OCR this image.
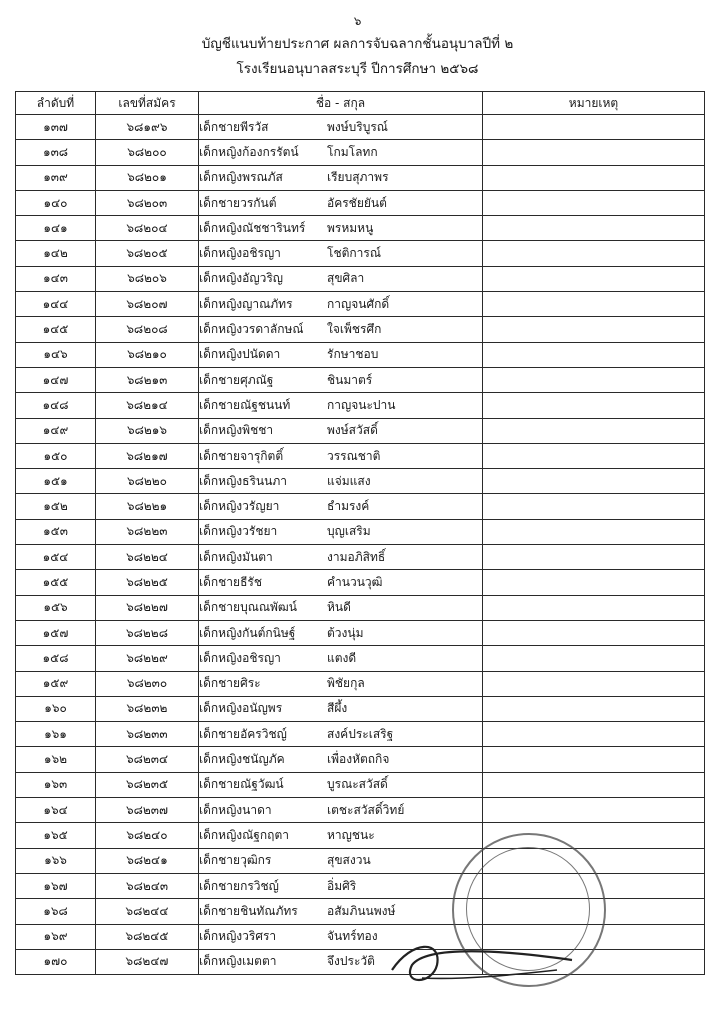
๖
บัญชีแนบท้ายประกาศ ผลการจับฉลากชั้นอนุบาลปีที่ ๒
โรงเรียนอนุบาลสระบุรี ปีการศึกษา ๒๕๖๘
ลำดับที่	เลขที่สมัคร	ชื่อ - สกุล	หมายเหตุ
๑๓๗	๖๘๑๙๖	เด็กชายพีรวัส พงษ์บริบูรณ์	
๑๓๘	๖๘๒๐๐	เด็กหญิงก้องกรรัตน์ โกมโลทก	
๑๓๙	๖๘๒๐๑	เด็กหญิงพรณภัส เรียบสุภาพร	
๑๔๐	๖๘๒๐๓	เด็กชายวรกันต์ อัครชัยยันต์	
๑๔๑	๖๘๒๐๔	เด็กหญิงณัชชารินทร์ พรหมหนู	
๑๔๒	๖๘๒๐๕	เด็กหญิงอชิรญา โชติการณ์	
๑๔๓	๖๘๒๐๖	เด็กหญิงอัญวริญ สุขศิลา	
๑๔๔	๖๘๒๐๗	เด็กหญิงญาณภัทร กาญจนศักดิ์	
๑๔๕	๖๘๒๐๘	เด็กหญิงวรดาลักษณ์ ใจเพ็ชรศึก	
๑๔๖	๖๘๒๑๐	เด็กหญิงปนัดดา รักษาชอบ	
๑๔๗	๖๘๒๑๓	เด็กชายศุภณัฐ ชินมาตร์	
๑๔๘	๖๘๒๑๔	เด็กชายณัฐชนนท์ กาญจนะปาน	
๑๔๙	๖๘๒๑๖	เด็กหญิงพิชชา พงษ์สวัสดิ์	
๑๕๐	๖๘๒๑๗	เด็กชายจารุกิตติ์ วรรณชาติ	
๑๕๑	๖๘๒๒๐	เด็กหญิงธรินนภา แจ่มแสง	
๑๕๒	๖๘๒๒๑	เด็กหญิงวรัญยา ธำมรงค์	
๑๕๓	๖๘๒๒๓	เด็กหญิงวรัชยา บุญเสริม	
๑๕๔	๖๘๒๒๔	เด็กหญิงมันตา งามอภิสิทธิ์	
๑๕๕	๖๘๒๒๕	เด็กชายธีรัช คำนวนวุฒิ	
๑๕๖	๖๘๒๒๗	เด็กชายบุณณพัฒน์ หินดี	
๑๕๗	๖๘๒๒๘	เด็กหญิงกันต์กนิษฐ์ ต้วงนุ่ม	
๑๕๘	๖๘๒๒๙	เด็กหญิงอชิรญา แตงดี	
๑๕๙	๖๘๒๓๐	เด็กชายศิระ พิชัยกุล	
๑๖๐	๖๘๒๓๒	เด็กหญิงอนัญพร สีผึ้ง	
๑๖๑	๖๘๒๓๓	เด็กชายอัครวิชญ์ สงค์ประเสริฐ	
๑๖๒	๖๘๒๓๔	เด็กหญิงชนัญภัค เพื่องหัตถกิจ	
๑๖๓	๖๘๒๓๕	เด็กชายณัฐวัฒน์ บูรณะสวัสดิ์	
๑๖๔	๖๘๒๓๗	เด็กหญิงนาดา เตชะสวัสดิ์วิทย์	
๑๖๕	๖๘๒๔๐	เด็กหญิงณัฐกฤตา หาญชนะ	
๑๖๖	๖๘๒๔๑	เด็กชายวุฒิกร สุขสงวน	
๑๖๗	๖๘๒๔๓	เด็กชายกรวิชญ์ อิ่มศิริ	
๑๖๘	๖๘๒๔๔	เด็กชายชินทัณภัทร อสัมภินนพงษ์	
๑๖๙	๖๘๒๔๕	เด็กหญิงวริศรา จันทร์ทอง	
๑๗๐	๖๘๒๔๗	เด็กหญิงเมตตา จึงประวัติ	
